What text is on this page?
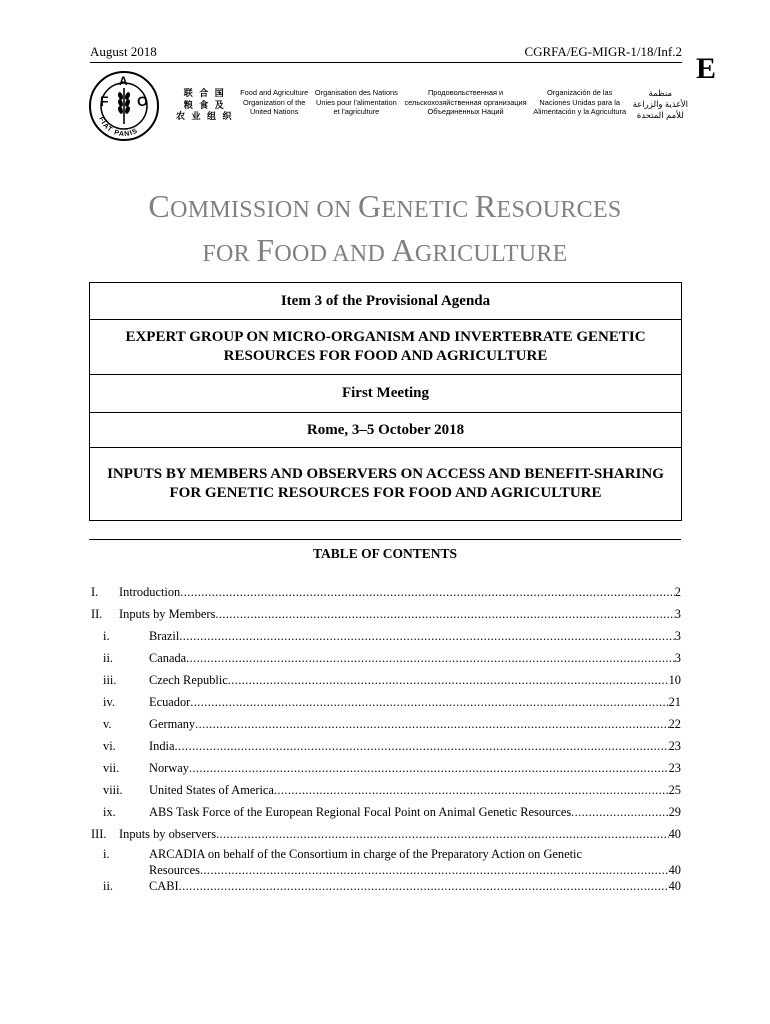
August 2018	CGRFA/EG-MIGR-1/18/Inf.2
E
F
A
O
FIAT PANIS
联 合 国
粮 食 及
农 业 组 织
Food and Agriculture
Organization of the
United Nations
Organisation des Nations
Unies pour l'alimentation
et l'agriculture
Продовольственная и
сельскохозяйственная организация
Объединенных Наций
Organización de las
Naciones Unidas para la
Alimentación y la Agricultura
منظمة
الأغذية والزراعة
للأمم المتحدة
COMMISSION ON GENETIC RESOURCES
FOR FOOD AND AGRICULTURE
Item 3 of the Provisional Agenda
EXPERT GROUP ON MICRO-ORGANISM AND INVERTEBRATE GENETIC RESOURCES FOR FOOD AND AGRICULTURE
First Meeting
Rome, 3–5 October 2018
INPUTS BY MEMBERS AND OBSERVERS ON ACCESS AND BENEFIT-SHARING FOR GENETIC RESOURCES FOR FOOD AND AGRICULTURE
TABLE OF CONTENTS
I.	Introduction .....	2
II.	Inputs by Members .....	3
i.	Brazil .....	3
ii.	Canada .....	3
iii.	Czech Republic .....	10
iv.	Ecuador .....	21
v.	Germany .....	22
vi.	India .....	23
vii.	Norway .....	23
viii.	United States of America .....	25
ix.	ABS Task Force of the European Regional Focal Point on Animal Genetic Resources .....	29
III.	Inputs by observers .....	40
i.	ARCADIA on behalf of the Consortium in charge of the Preparatory Action on Genetic
Resources .....	40
ii.	CABI .....	40
